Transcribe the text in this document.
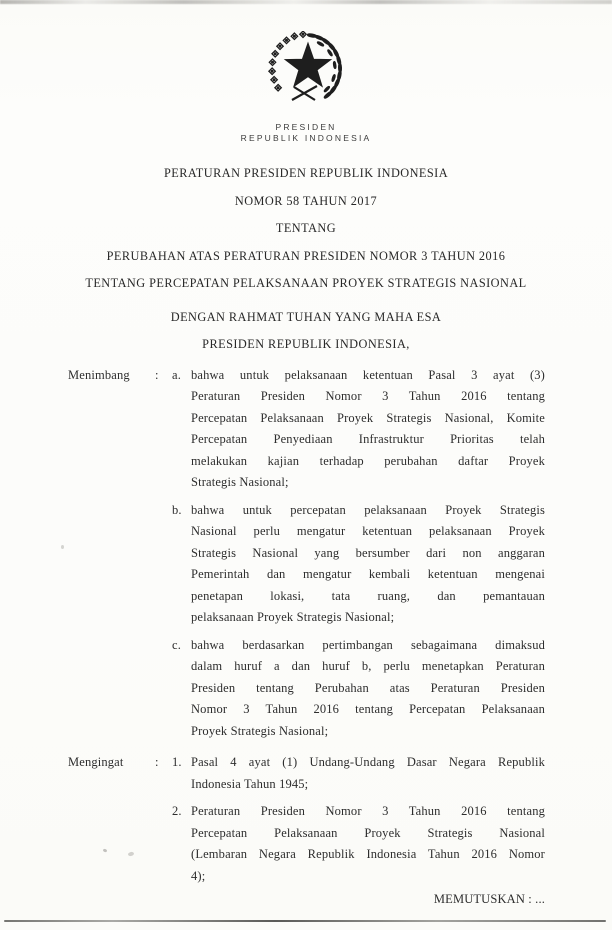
PRESIDEN
REPUBLIK INDONESIA
PERATURAN PRESIDEN REPUBLIK INDONESIA
NOMOR 58 TAHUN 2017
TENTANG
PERUBAHAN ATAS PERATURAN PRESIDEN NOMOR 3 TAHUN 2016
TENTANG PERCEPATAN PELAKSANAAN PROYEK STRATEGIS NASIONAL
DENGAN RAHMAT TUHAN YANG MAHA ESA
PRESIDEN REPUBLIK INDONESIA,
Menimbang	:	a. bahwa untuk pelaksanaan ketentuan Pasal 3 ayat (3)
Peraturan Presiden Nomor 3 Tahun 2016 tentang
Percepatan Pelaksanaan Proyek Strategis Nasional, Komite
Percepatan Penyediaan Infrastruktur Prioritas telah
melakukan kajian terhadap perubahan daftar Proyek
Strategis Nasional;
b. bahwa untuk percepatan pelaksanaan Proyek Strategis
Nasional perlu mengatur ketentuan pelaksanaan Proyek
Strategis Nasional yang bersumber dari non anggaran
Pemerintah dan mengatur kembali ketentuan mengenai
penetapan lokasi, tata ruang, dan pemantauan
pelaksanaan Proyek Strategis Nasional;
c. bahwa berdasarkan pertimbangan sebagaimana dimaksud
dalam huruf a dan huruf b, perlu menetapkan Peraturan
Presiden tentang Perubahan atas Peraturan Presiden
Nomor 3 Tahun 2016 tentang Percepatan Pelaksanaan
Proyek Strategis Nasional;
Mengingat	:	1. Pasal 4 ayat (1) Undang-Undang Dasar Negara Republik
Indonesia Tahun 1945;
2. Peraturan Presiden Nomor 3 Tahun 2016 tentang
Percepatan Pelaksanaan Proyek Strategis Nasional
(Lembaran Negara Republik Indonesia Tahun 2016 Nomor
4);
MEMUTUSKAN : ...
